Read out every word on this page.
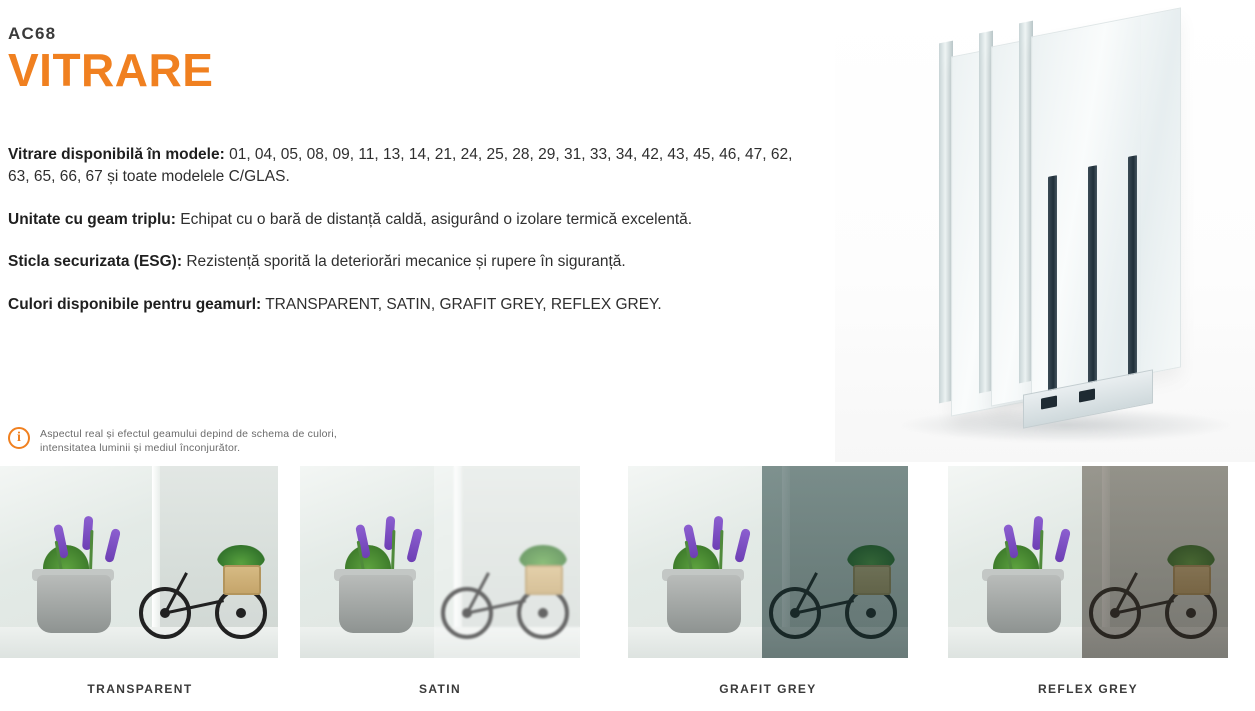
AC68
VITRARE

Vitrare disponibilă în modele: 01, 04, 05, 08, 09, 11, 13, 14, 21, 24, 25, 28, 29, 31, 33, 34, 42, 43, 45, 46, 47, 62, 63, 65, 66, 67 și toate modelele C/GLAS.

Unitate cu geam triplu: Echipat cu o bară de distanță caldă, asigurând o izolare termică excelentă.

Sticla securizata (ESG): Rezistență sporită la deteriorări mecanice și rupere în siguranță.

Culori disponibile pentru geamurl: TRANSPARENT, SATIN, GRAFIT GREY, REFLEX GREY.

i	Aspectul real și efectul geamului depind de schema de culori,
intensitatea luminii și mediul înconjurător.
TRANSPARENT	SATIN	GRAFIT GREY	REFLEX GREY
